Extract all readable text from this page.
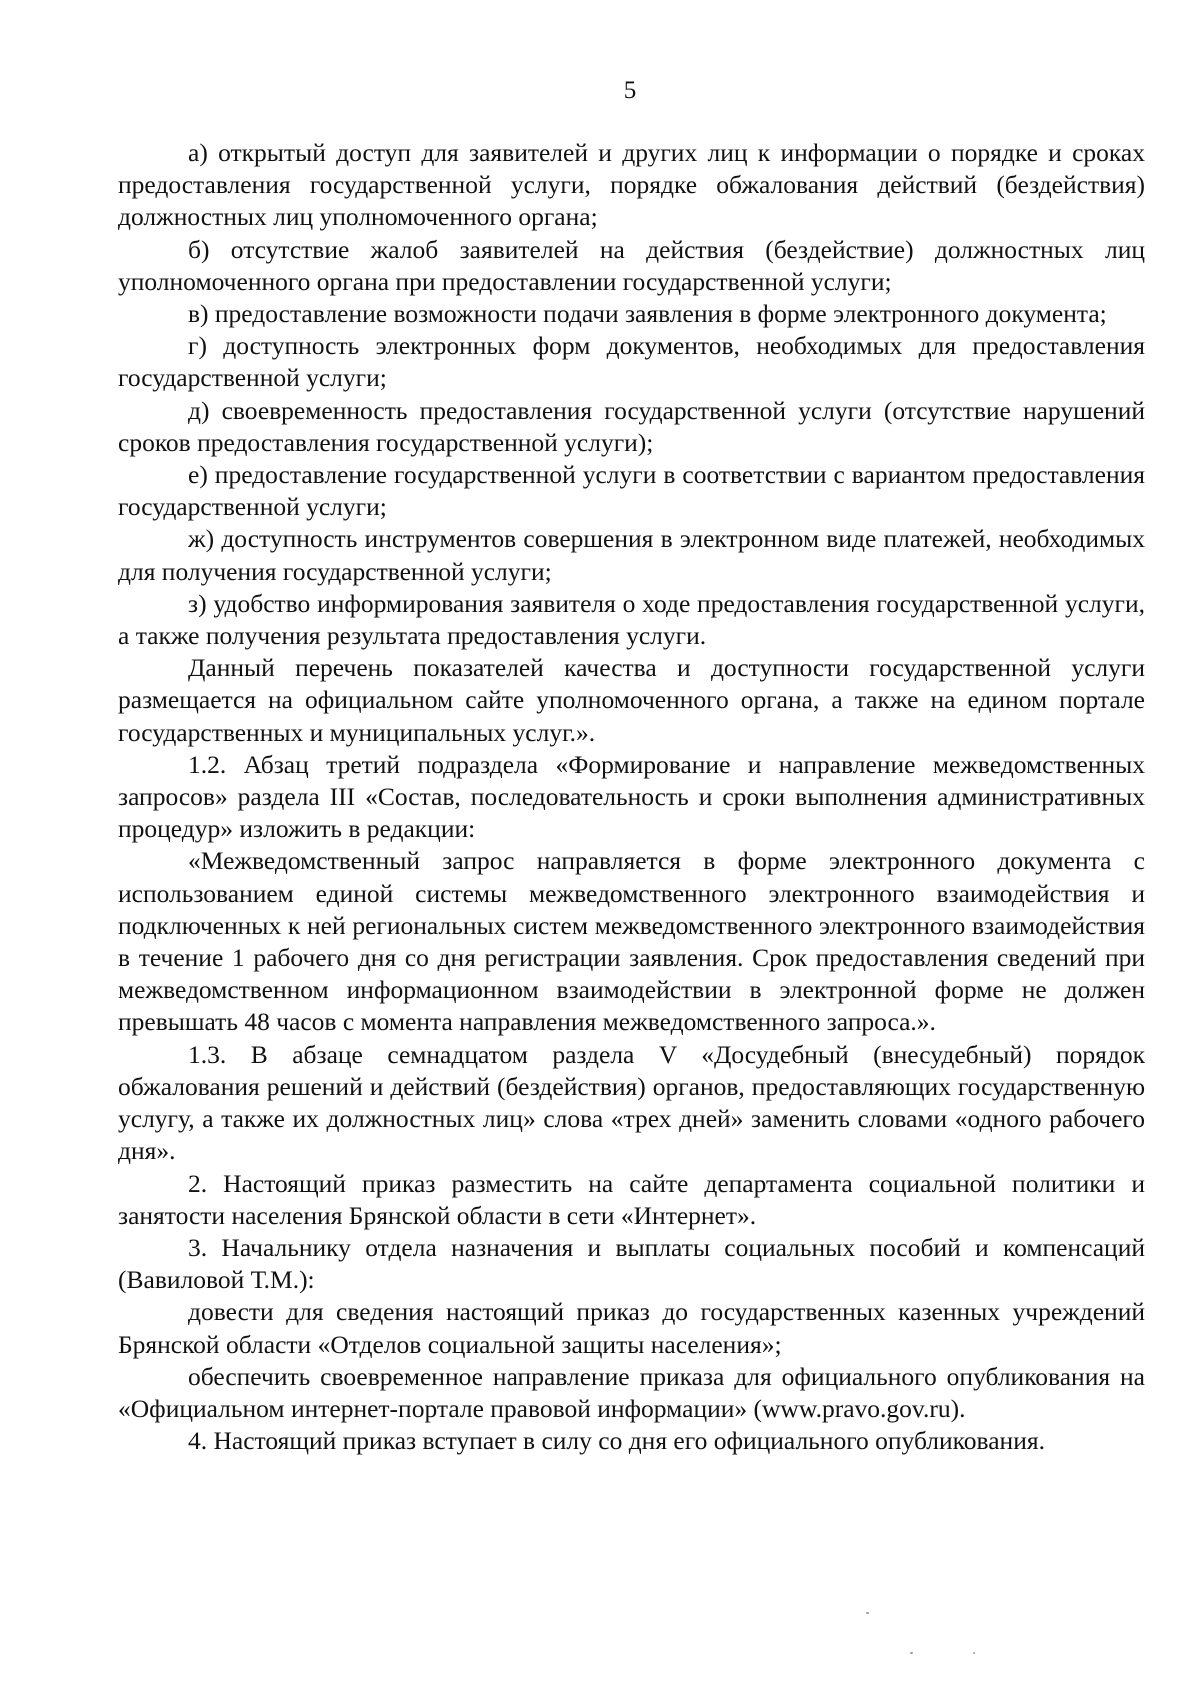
5

а) открытый доступ для заявителей и других лиц к информации о порядке и сроках предоставления государственной услуги, порядке обжалования действий (бездействия) должностных лиц уполномоченного органа;

б) отсутствие жалоб заявителей на действия (бездействие) должностных лиц уполномоченного органа при предоставлении государственной услуги;

в) предоставление возможности подачи заявления в форме электронного документа;

г) доступность электронных форм документов, необходимых для предоставления государственной услуги;

д) своевременность предоставления государственной услуги (отсутствие нарушений сроков предоставления государственной услуги);

е) предоставление государственной услуги в соответствии с вариантом предоставления государственной услуги;

ж) доступность инструментов совершения в электронном виде платежей, необходимых для получения государственной услуги;

з) удобство информирования заявителя о ходе предоставления государственной услуги, а также получения результата предоставления услуги.

Данный перечень показателей качества и доступности государственной услуги размещается на официальном сайте уполномоченного органа, а также на едином портале государственных и муниципальных услуг.».

1.2. Абзац третий подраздела «Формирование и направление межведомственных запросов» раздела III «Состав, последовательность и сроки выполнения административных процедур» изложить в редакции:

«Межведомственный запрос направляется в форме электронного документа с использованием единой системы межведомственного электронного взаимодействия и подключенных к ней региональных систем межведомственного электронного взаимодействия в течение 1 рабочего дня со дня регистрации заявления. Срок предоставления сведений при межведомственном информационном взаимодействии в электронной форме не должен превышать 48 часов с момента направления межведомственного запроса.».

1.3. В абзаце семнадцатом раздела V «Досудебный (внесудебный) порядок обжалования решений и действий (бездействия) органов, предоставляющих государственную услугу, а также их должностных лиц» слова «трех дней» заменить словами «одного рабочего дня».

2. Настоящий приказ разместить на сайте департамента социальной политики и занятости населения Брянской области в сети «Интернет».

3. Начальнику отдела назначения и выплаты социальных пособий и компенсаций (Вавиловой Т.М.):

довести для сведения настоящий приказ до государственных казенных учреждений Брянской области «Отделов социальной защиты населения»;

обеспечить своевременное направление приказа для официального опубликования на «Официальном интернет-портале правовой информации» (www.pravo.gov.ru).

4. Настоящий приказ вступает в силу со дня его официального опубликования.
